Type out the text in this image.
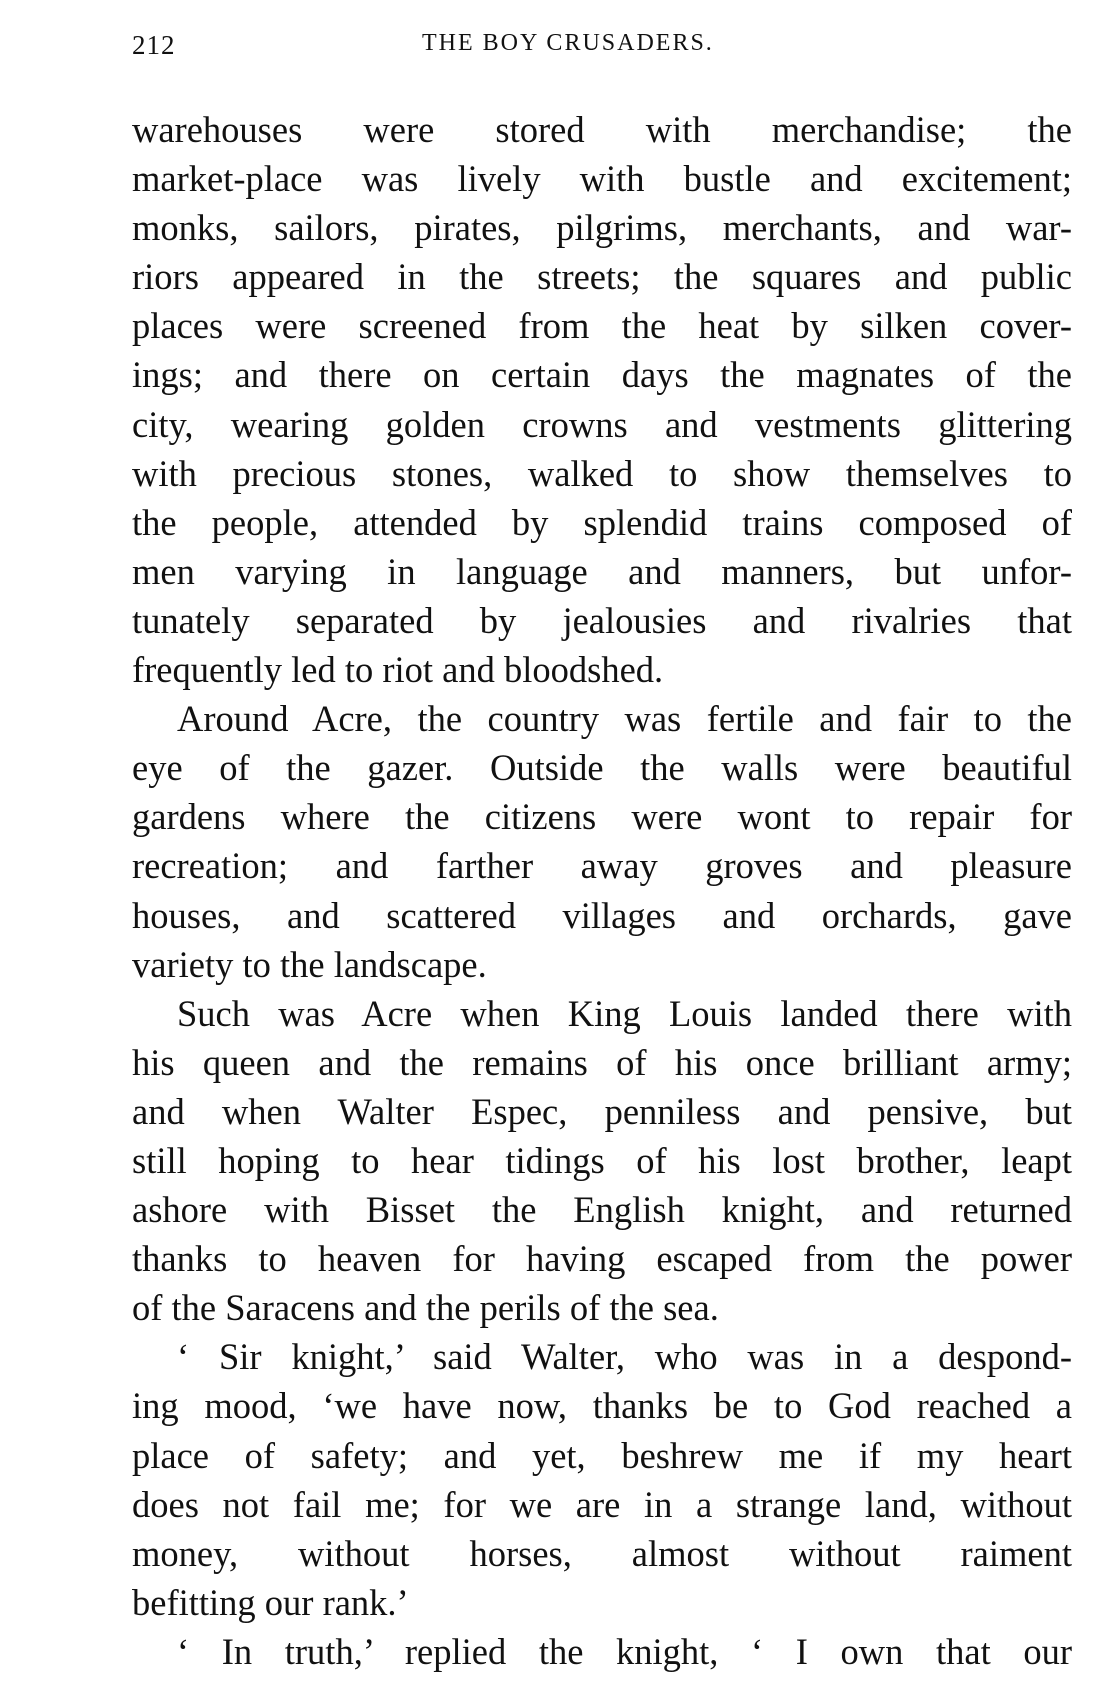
212	THE BOY CRUSADERS.
warehouses were stored with merchandise; the
market-place was lively with bustle and excitement;
monks, sailors, pirates, pilgrims, merchants, and war-
riors appeared in the streets; the squares and public
places were screened from the heat by silken cover-
ings; and there on certain days the magnates of the
city, wearing golden crowns and vestments glittering
with precious stones, walked to show themselves to
the people, attended by splendid trains composed of
men varying in language and manners, but unfor-
tunately separated by jealousies and rivalries that
frequently led to riot and bloodshed.
Around Acre, the country was fertile and fair to the
eye of the gazer. Outside the walls were beautiful
gardens where the citizens were wont to repair for
recreation; and farther away groves and pleasure
houses, and scattered villages and orchards, gave
variety to the landscape.
Such was Acre when King Louis landed there with
his queen and the remains of his once brilliant army;
and when Walter Espec, penniless and pensive, but
still hoping to hear tidings of his lost brother, leapt
ashore with Bisset the English knight, and returned
thanks to heaven for having escaped from the power
of the Saracens and the perils of the sea.
‘ Sir knight,’ said Walter, who was in a despond-
ing mood, ‘we have now, thanks be to God reached a
place of safety; and yet, beshrew me if my heart
does not fail me; for we are in a strange land, without
money, without horses, almost without raiment
befitting our rank.’
‘ In truth,’ replied the knight, ‘ I own that our
